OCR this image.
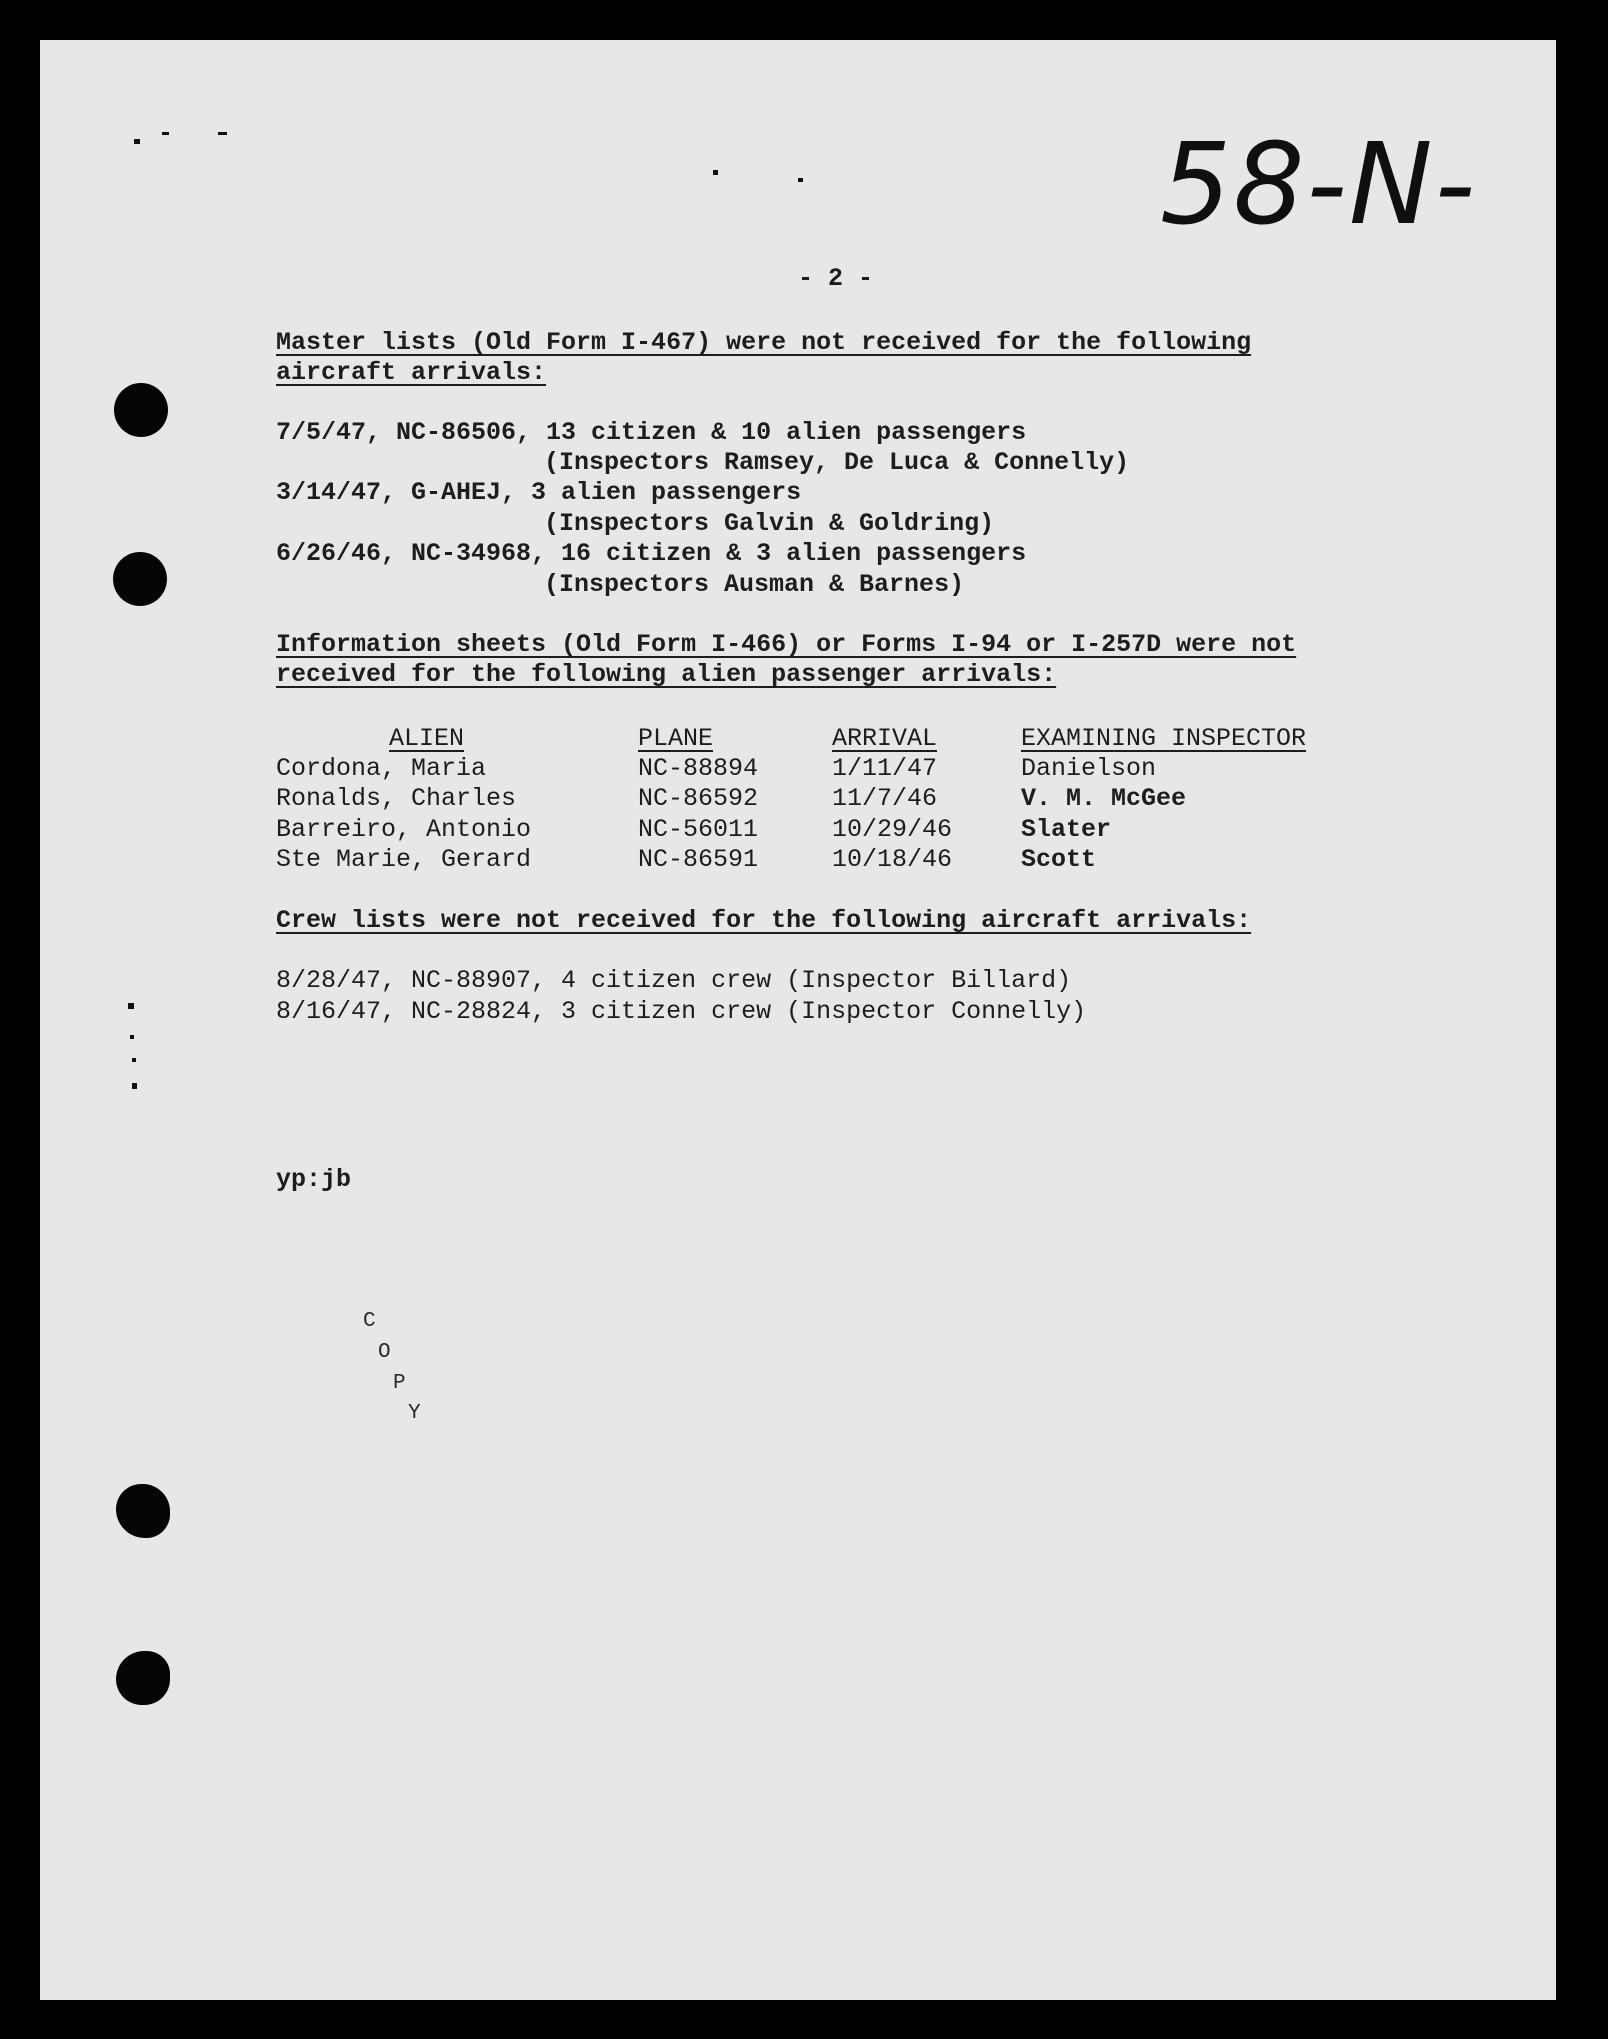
58-N-
- 2 -
Master lists (Old Form I-467) were not received for the following
aircraft arrivals:
7/5/47, NC-86506, 13 citizen & 10 alien passengers
(Inspectors Ramsey, De Luca & Connelly)
3/14/47, G-AHEJ, 3 alien passengers
(Inspectors Galvin & Goldring)
6/26/46, NC-34968, 16 citizen & 3 alien passengers
(Inspectors Ausman & Barnes)
Information sheets (Old Form I-466) or Forms I-94 or I-257D were not
received for the following alien passenger arrivals:
ALIEN	PLANE	ARRIVAL	EXAMINING INSPECTOR
Cordona, Maria	NC-88894	1/11/47	Danielson
Ronalds, Charles	NC-86592	11/7/46	V. M. McGee
Barreiro, Antonio	NC-56011	10/29/46	Slater
Ste Marie, Gerard	NC-86591	10/18/46	Scott
Crew lists were not received for the following aircraft arrivals:
8/28/47, NC-88907, 4 citizen crew (Inspector Billard)
8/16/47, NC-28824, 3 citizen crew (Inspector Connelly)
yp:jb
C
O
P
Y
